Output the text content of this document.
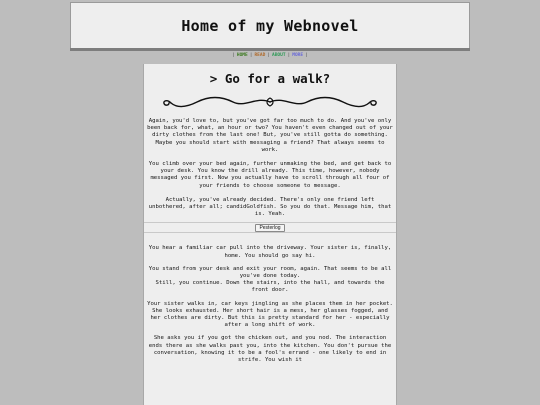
Home of my Webnovel
| HOME | READ | ABOUT | MORE |
> Go for a walk?

Again, you'd love to, but you've got far too much to do. And you've only been back for, what, an hour or two? You haven't even changed out of your dirty clothes from the last one! But, you've still gotta do something. Maybe you should start with messaging a friend? That always seems to work.

You climb over your bed again, further unmaking the bed, and get back to your desk. You know the drill already. This time, however, nobody messaged you first. Now you actually have to scroll through all four of your friends to choose someone to message.

Actually, you've already decided. There's only one friend left unbothered, after all; candidGoldfish. So you do that. Message him, that is. Yeah.

Pesterlog

You hear a familiar car pull into the driveway. Your sister is, finally, home. You should go say hi.

You stand from your desk and exit your room, again. That seems to be all you've done today.

Still, you continue. Down the stairs, into the hall, and towards the front door.

Your sister walks in, car keys jingling as she places them in her pocket.

She looks exhausted. Her short hair is a mess, her glasses fogged, and her clothes are dirty. But this is pretty standard for her - especially after a long shift of work.

She asks you if you got the chicken out, and you nod. The interaction ends there as she walks past you, into the kitchen. You don't pursue the conversation, knowing it to be a fool's errand - one likely to end in strife. You wish it
